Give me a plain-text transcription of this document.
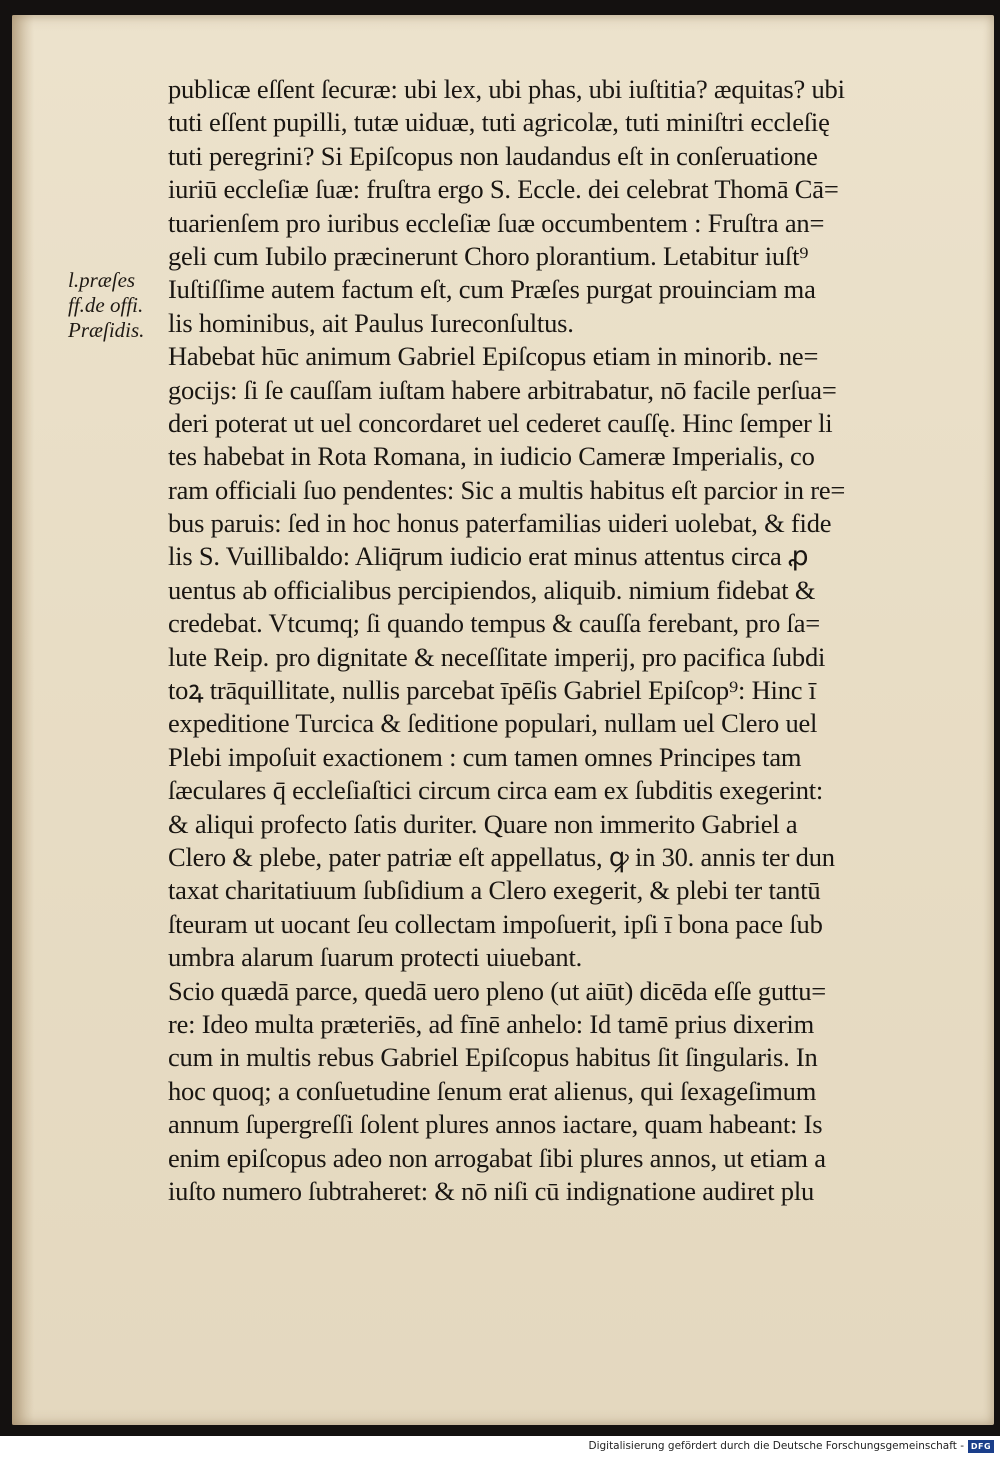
l.præſes
ff.de offi.
Præſidis.
publicæ eſſent ſecuræ: ubi lex, ubi phas, ubi iuſtitia? æquitas? ubi
tuti eſſent pupilli, tutæ uiduæ, tuti agricolæ, tuti miniſtri eccleſię
tuti peregrini? Si Epiſcopus non laudandus eſt in conſeruatione
iuriū eccleſiæ ſuæ: fruſtra ergo S. Eccle. dei celebrat Thomā Cā=
tuarienſem pro iuribus eccleſiæ ſuæ occumbentem : Fruſtra an=
geli cum Iubilo præcinerunt Choro plorantium. Letabitur iuſt⁹
Iuſtiſſime autem factum eſt, cum Præſes purgat prouinciam ma
lis hominibus, ait Paulus Iureconſultus.
Habebat hūc animum Gabriel Epiſcopus etiam in minorib. ne=
gocijs: ſi ſe cauſſam iuſtam habere arbitrabatur, nō facile perſua=
deri poterat ut uel concordaret uel cederet cauſſę. Hinc ſemper li
tes habebat in Rota Romana, in iudicio Cameræ Imperialis, co
ram officiali ſuo pendentes: Sic a multis habitus eſt parcior in re=
bus paruis: ſed in hoc honus paterfamilias uideri uolebat, & fide
lis S. Vuillibaldo: Aliq̄rum iudicio erat minus attentus circa ꝓ
uentus ab officialibus percipiendos, aliquib. nimium fidebat &
credebat. Vtcumq; ſi quando tempus & cauſſa ferebant, pro ſa=
lute Reip. pro dignitate & neceſſitate imperij, pro pacifica ſubdi
toꝝ trāquillitate, nullis parcebat īpēſis Gabriel Epiſcop⁹: Hinc ī
expeditione Turcica & ſeditione populari, nullam uel Clero uel
Plebi impoſuit exactionem : cum tamen omnes Principes tam
ſæculares q̄ eccleſiaſtici circum circa eam ex ſubditis exegerint:
& aliqui profecto ſatis duriter. Quare non immerito Gabriel a
Clero & plebe, pater patriæ eſt appellatus, ꝙ in 30. annis ter dun
taxat charitatiuum ſubſidium a Clero exegerit, & plebi ter tantū
ſteuram ut uocant ſeu collectam impoſuerit, ipſi ī bona pace ſub
umbra alarum ſuarum protecti uiuebant.
Scio quædā parce, quedā uero pleno (ut aiūt) dicēda eſſe guttu=
re: Ideo multa præteriēs, ad fīnē anhelo: Id tamē prius dixerim
cum in multis rebus Gabriel Epiſcopus habitus ſit ſingularis. In
hoc quoq; a conſuetudine ſenum erat alienus, qui ſexageſimum
annum ſupergreſſi ſolent plures annos iactare, quam habeant: Is
enim epiſcopus adeo non arrogabat ſibi plures annos, ut etiam a
iuſto numero ſubtraheret: & nō niſi cū indignatione audiret plu
Digitalisierung gefördert durch die Deutsche Forschungsgemeinschaft - DFG
